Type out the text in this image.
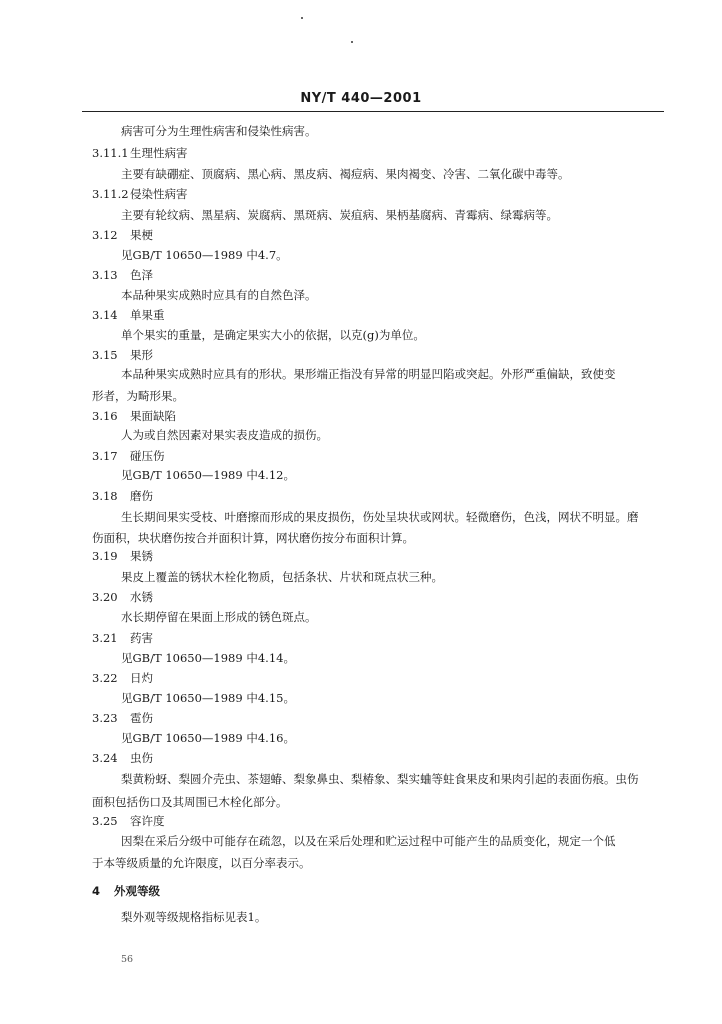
NY/T 440—2001
病害可分为生理性病害和侵染性病害。
3.11.1生理性病害
主要有缺硼症、顶腐病、黑心病、黑皮病、褐痘病、果肉褐变、冷害、二氧化碳中毒等。
3.11.2侵染性病害
主要有轮纹病、黑星病、炭腐病、黑斑病、炭疽病、果柄基腐病、青霉病、绿霉病等。
3.12 果梗
见GB/T 10650—1989 中4.7。
3.13 色泽
本品种果实成熟时应具有的自然色泽。
3.14 单果重
单个果实的重量，是确定果实大小的依据，以克(g)为单位。
3.15 果形
本品种果实成熟时应具有的形状。果形端正指没有异常的明显凹陷或突起。外形严重偏缺，致使变
形者，为畸形果。
3.16 果面缺陷
人为或自然因素对果实表皮造成的损伤。
3.17 碰压伤
见GB/T 10650—1989 中4.12。
3.18 磨伤
生长期间果实受枝、叶磨擦而形成的果皮损伤，伤处呈块状或网状。轻微磨伤，色浅，网状不明显。磨
伤面积，块状磨伤按合并面积计算，网状磨伤按分布面积计算。
3.19 果锈
果皮上覆盖的锈状木栓化物质，包括条状、片状和斑点状三种。
3.20 水锈
水长期停留在果面上形成的锈色斑点。
3.21 药害
见GB/T 10650—1989 中4.14。
3.22 日灼
见GB/T 10650—1989 中4.15。
3.23 雹伤
见GB/T 10650—1989 中4.16。
3.24 虫伤
梨黄粉蚜、梨圆介壳虫、茶翅蝽、梨象鼻虫、梨椿象、梨实蛐等蛀食果皮和果肉引起的表面伤痕。虫伤
面积包括伤口及其周围已木栓化部分。
3.25 容许度
因梨在采后分级中可能存在疏忽，以及在采后处理和贮运过程中可能产生的品质变化，规定一个低
于本等级质量的允许限度，以百分率表示。
4 外观等级
梨外观等级规格指标见表1。
56
